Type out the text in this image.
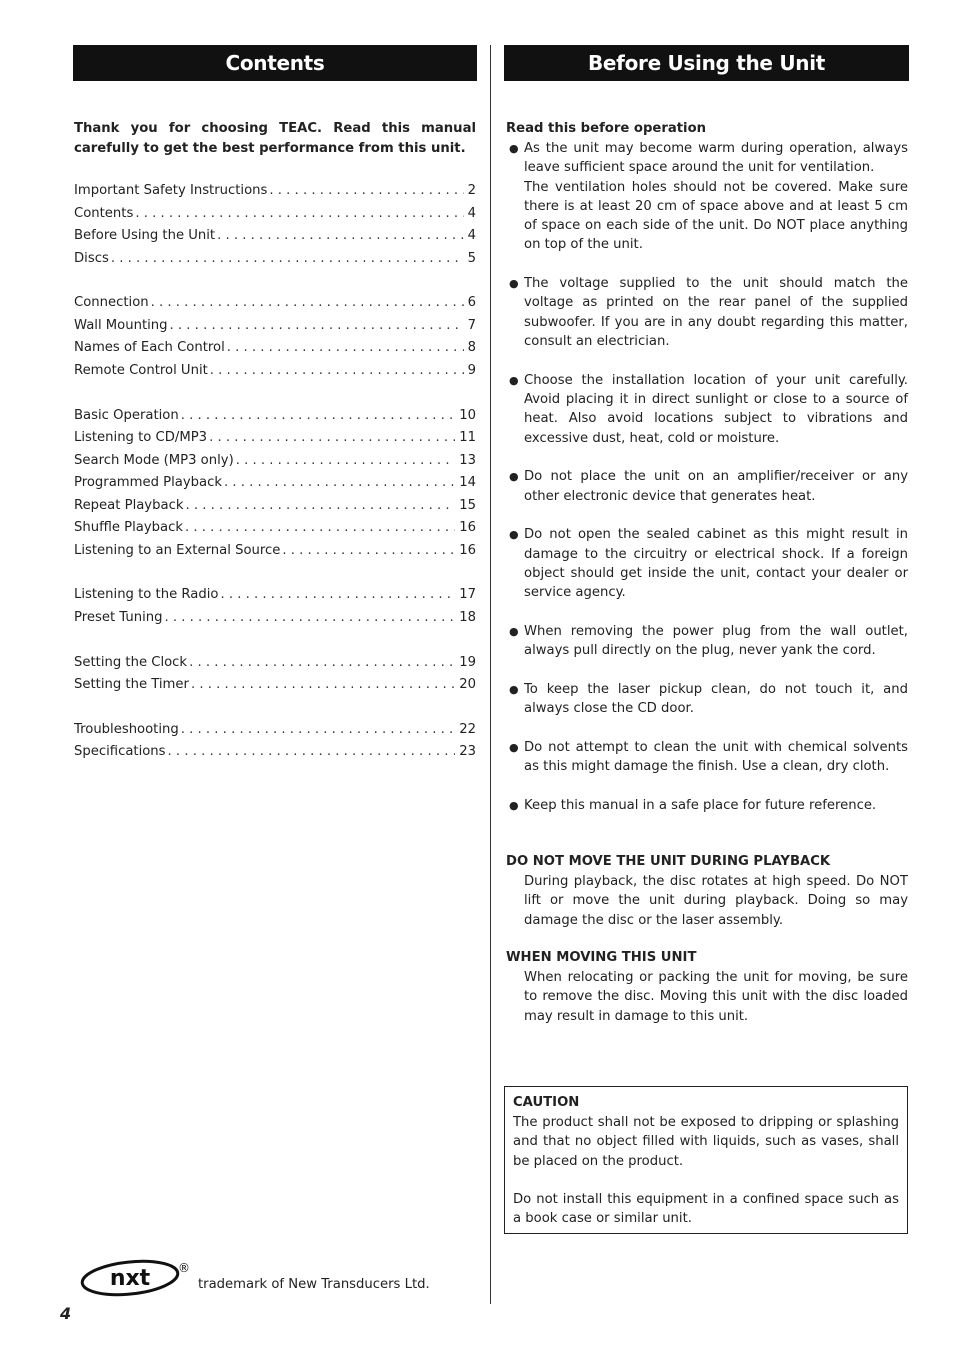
Contents	Before Using the Unit

Thank you for choosing TEAC. Read this manual carefully to get the best performance from this unit.

Important Safety Instructions . . .	2
Contents . . .	4
Before Using the Unit . . .	4
Discs . . .	5
Connection . . .	6
Wall Mounting . . .	7
Names of Each Control . . .	8
Remote Control Unit . . .	9
Basic Operation . . .	10
Listening to CD/MP3 . . .	11
Search Mode (MP3 only) . . .	13
Programmed Playback . . .	14
Repeat Playback . . .	15
Shuffle Playback . . .	16
Listening to an External Source . . .	16
Listening to the Radio . . .	17
Preset Tuning . . .	18
Setting the Clock . . .	19
Setting the Timer . . .	20
Troubleshooting . . .	22
Specifications . . .	23
Read this before operation
● As the unit may become warm during operation, always leave sufficient space around the unit for ventilation.

The ventilation holes should not be covered. Make sure there is at least 20 cm of space above and at least 5 cm of space on each side of the unit. Do NOT place anything on top of the unit.

● The voltage supplied to the unit should match the voltage as printed on the rear panel of the supplied subwoofer. If you are in any doubt regarding this matter, consult an electrician.

● Choose the installation location of your unit carefully. Avoid placing it in direct sunlight or close to a source of heat. Also avoid locations subject to vibrations and excessive dust, heat, cold or moisture.

● Do not place the unit on an amplifier/receiver or any other electronic device that generates heat.

● Do not open the sealed cabinet as this might result in damage to the circuitry or electrical shock. If a foreign object should get inside the unit, contact your dealer or service agency.

● When removing the power plug from the wall outlet, always pull directly on the plug, never yank the cord.

● To keep the laser pickup clean, do not touch it, and always close the CD door.

● Do not attempt to clean the unit with chemical solvents as this might damage the finish. Use a clean, dry cloth.

● Keep this manual in a safe place for future reference.

DO NOT MOVE THE UNIT DURING PLAYBACK

During playback, the disc rotates at high speed. Do NOT lift or move the unit during playback. Doing so may damage the disc or the laser assembly.

WHEN MOVING THIS UNIT

When relocating or packing the unit for moving, be sure to remove the disc. Moving this unit with the disc loaded may result in damage to this unit.

CAUTION

The product shall not be exposed to dripping or splashing and that no object filled with liquids, such as vases, shall be placed on the product.

Do not install this equipment in a confined space such as a book case or similar unit.

nxt ®
trademark of New Transducers Ltd.
4
